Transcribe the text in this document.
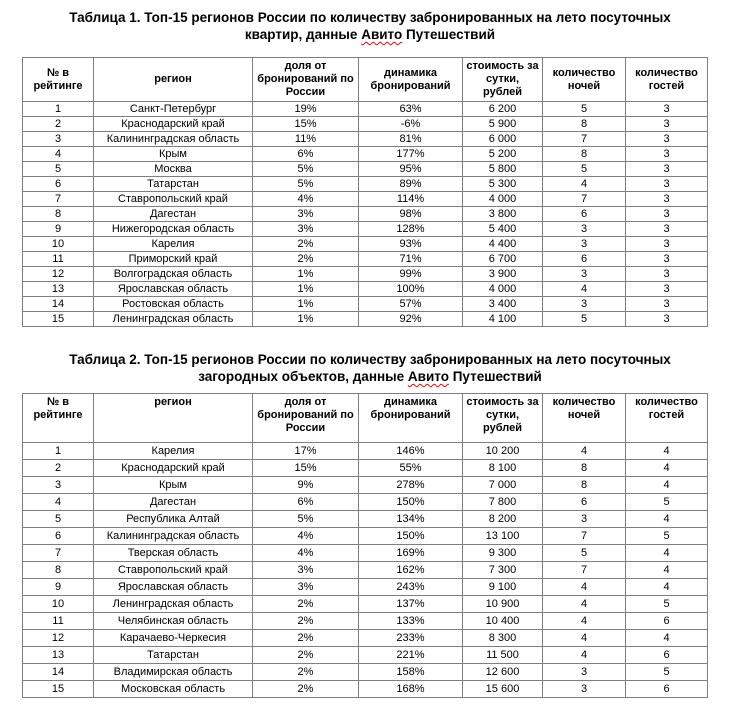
Таблица 1. Топ-15 регионов России по количеству забронированных на лето посуточных
квартир, данные Авито Путешествий
№ в рейтинге	регион	доля от бронирований по России	динамика бронирований	стоимость за сутки, рублей	количество ночей	количество гостей
1	Санкт-Петербург	19%	63%	6 200	5	3
2	Краснодарский край	15%	-6%	5 900	8	3
3	Калининградская область	11%	81%	6 000	7	3
4	Крым	6%	177%	5 200	8	3
5	Москва	5%	95%	5 800	5	3
6	Татарстан	5%	89%	5 300	4	3
7	Ставропольский край	4%	114%	4 000	7	3
8	Дагестан	3%	98%	3 800	6	3
9	Нижегородская область	3%	128%	5 400	3	3
10	Карелия	2%	93%	4 400	3	3
11	Приморский край	2%	71%	6 700	6	3
12	Волгоградская область	1%	99%	3 900	3	3
13	Ярославская область	1%	100%	4 000	4	3
14	Ростовская область	1%	57%	3 400	3	3
15	Ленинградская область	1%	92%	4 100	5	3
Таблица 2. Топ-15 регионов России по количеству забронированных на лето посуточных
загородных объектов, данные Авито Путешествий
№ в рейтинге	регион	доля от бронирований по России	динамика бронирований	стоимость за сутки, рублей	количество ночей	количество гостей
1	Карелия	17%	146%	10 200	4	4
2	Краснодарский край	15%	55%	8 100	8	4
3	Крым	9%	278%	7 000	8	4
4	Дагестан	6%	150%	7 800	6	5
5	Республика Алтай	5%	134%	8 200	3	4
6	Калининградская область	4%	150%	13 100	7	5
7	Тверская область	4%	169%	9 300	5	4
8	Ставропольский край	3%	162%	7 300	7	4
9	Ярославская область	3%	243%	9 100	4	4
10	Ленинградская область	2%	137%	10 900	4	5
11	Челябинская область	2%	133%	10 400	4	6
12	Карачаево-Черкесия	2%	233%	8 300	4	4
13	Татарстан	2%	221%	11 500	4	6
14	Владимирская область	2%	158%	12 600	3	5
15	Московская область	2%	168%	15 600	3	6
